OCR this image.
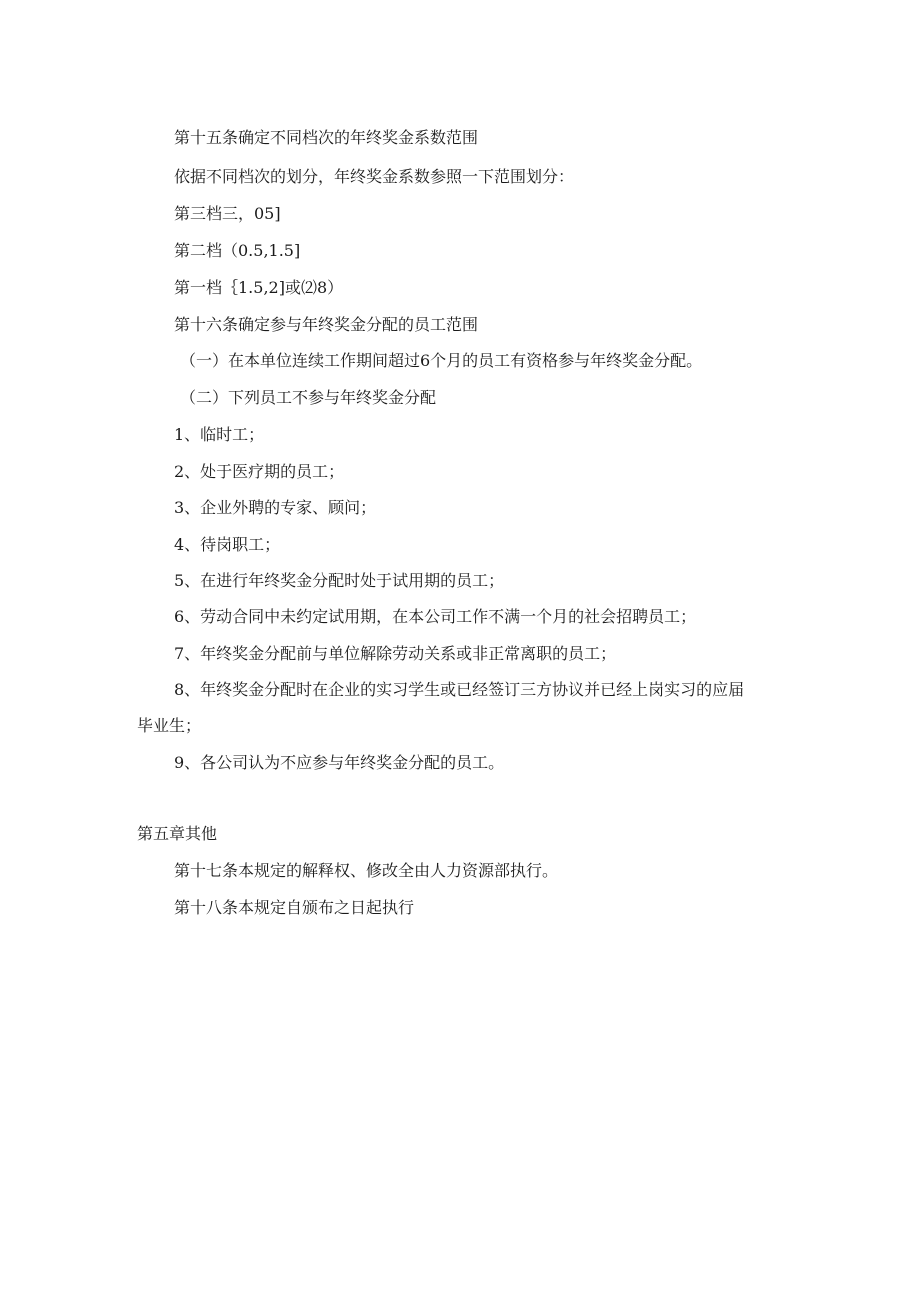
第十五条确定不同档次的年终奖金系数范围
依据不同档次的划分，年终奖金系数参照一下范围划分：
第三档三，05]
第二档（0.5,1.5]
第一档｛1.5,2]或⑵8）
第十六条确定参与年终奖金分配的员工范围
（一）在本单位连续工作期间超过6个月的员工有资格参与年终奖金分配。
（二）下列员工不参与年终奖金分配
1、临时工；
2、处于医疗期的员工；
3、企业外聘的专家、顾问；
4、待岗职工；
5、在进行年终奖金分配时处于试用期的员工；
6、劳动合同中未约定试用期，在本公司工作不满一个月的社会招聘员工；
7、年终奖金分配前与单位解除劳动关系或非正常离职的员工；
8、年终奖金分配时在企业的实习学生或已经签订三方协议并已经上岗实习的应届
毕业生；
9、各公司认为不应参与年终奖金分配的员工。
第五章其他
第十七条本规定的解释权、修改全由人力资源部执行。
第十八条本规定自颁布之日起执行
